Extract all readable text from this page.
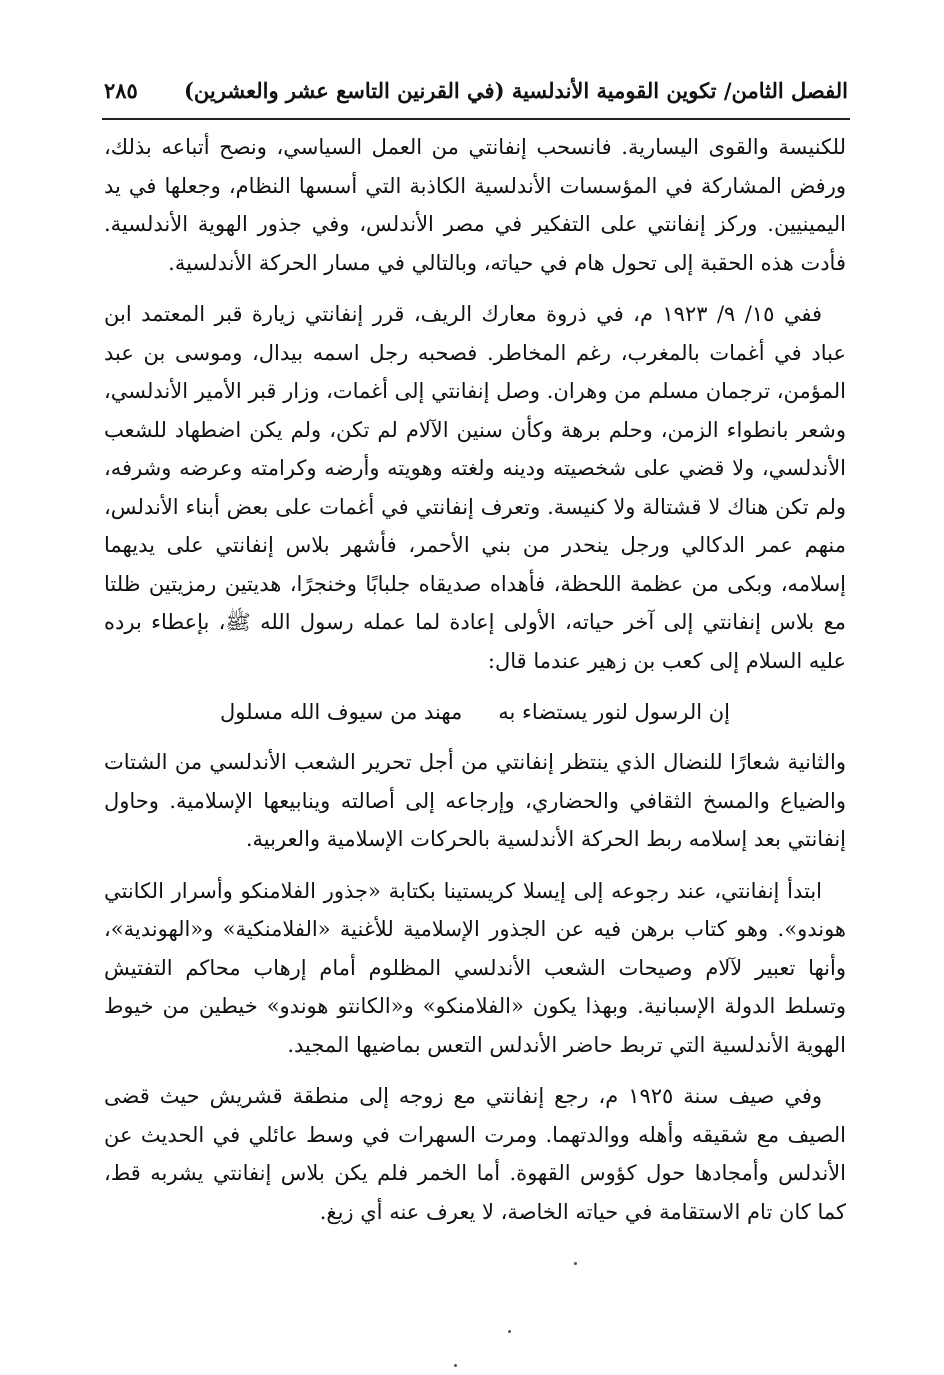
الفصل الثامن/ تكوين القومية الأندلسية (في القرنين التاسع عشر والعشرين)
٢٨٥

للكنيسة والقوى اليسارية. فانسحب إنفانتي من العمل السياسي، ونصح أتباعه بذلك، ورفض المشاركة في المؤسسات الأندلسية الكاذبة التي أسسها النظام، وجعلها في يد اليمينيين. وركز إنفانتي على التفكير في مصر الأندلس، وفي جذور الهوية الأندلسية. فأدت هذه الحقبة إلى تحول هام في حياته، وبالتالي في مسار الحركة الأندلسية.

ففي ١٥/ ٩/ ١٩٢٣ م، في ذروة معارك الريف، قرر إنفانتي زيارة قبر المعتمد ابن عباد في أغمات بالمغرب، رغم المخاطر. فصحبه رجل اسمه بيدال، وموسى بن عبد المؤمن، ترجمان مسلم من وهران. وصل إنفانتي إلى أغمات، وزار قبر الأمير الأندلسي، وشعر بانطواء الزمن، وحلم برهة وكأن سنين الآلام لم تكن، ولم يكن اضطهاد للشعب الأندلسي، ولا قضي على شخصيته ودينه ولغته وهويته وأرضه وكرامته وعرضه وشرفه، ولم تكن هناك لا قشتالة ولا كنيسة. وتعرف إنفانتي في أغمات على بعض أبناء الأندلس، منهم عمر الدكالي ورجل ينحدر من بني الأحمر، فأشهر بلاس إنفانتي على يديهما إسلامه، وبكى من عظمة اللحظة، فأهداه صديقاه جلبابًا وخنجرًا، هديتين رمزيتين ظلتا مع بلاس إنفانتي إلى آخر حياته، الأولى إعادة لما عمله رسول الله ﷺ، بإعطاء برده عليه السلام إلى كعب بن زهير عندما قال:

إن الرسول لنور يستضاء به
مهند من سيوف الله مسلول

والثانية شعارًا للنضال الذي ينتظر إنفانتي من أجل تحرير الشعب الأندلسي من الشتات والضياع والمسخ الثقافي والحضاري، وإرجاعه إلى أصالته وينابيعها الإسلامية. وحاول إنفانتي بعد إسلامه ربط الحركة الأندلسية بالحركات الإسلامية والعربية.

ابتدأ إنفانتي، عند رجوعه إلى إيسلا كريستينا بكتابة «جذور الفلامنكو وأسرار الكانتي هوندو». وهو كتاب برهن فيه عن الجذور الإسلامية للأغنية «الفلامنكية» و«الهوندية»، وأنها تعبير لآلام وصيحات الشعب الأندلسي المظلوم أمام إرهاب محاكم التفتيش وتسلط الدولة الإسبانية. وبهذا يكون «الفلامنكو» و«الكانتو هوندو» خيطين من خيوط الهوية الأندلسية التي تربط حاضر الأندلس التعس بماضيها المجيد.

وفي صيف سنة ١٩٢٥ م، رجع إنفانتي مع زوجه إلى منطقة قشريش حيث قضى الصيف مع شقيقه وأهله ووالدتهما. ومرت السهرات في وسط عائلي في الحديث عن الأندلس وأمجادها حول كؤوس القهوة. أما الخمر فلم يكن بلاس إنفانتي يشربه قط، كما كان تام الاستقامة في حياته الخاصة، لا يعرف عنه أي زيغ.
